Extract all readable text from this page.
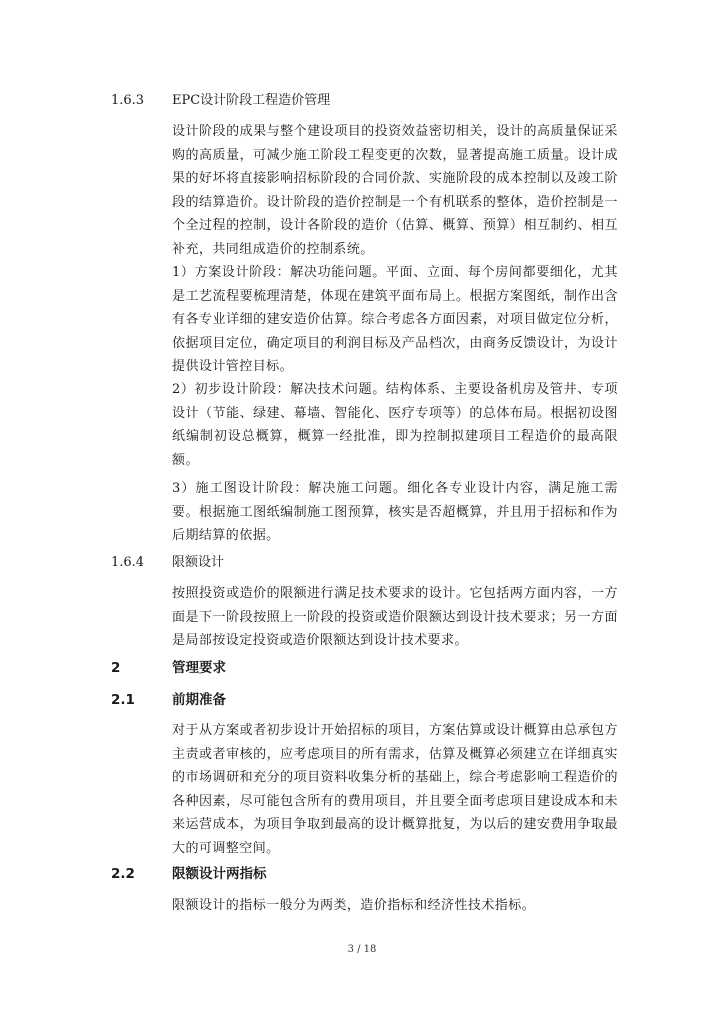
1.6.3 EPC设计阶段工程造价管理

设计阶段的成果与整个建设项目的投资效益密切相关，设计的高质量保证采购的高质量，可减少施工阶段工程变更的次数，显著提高施工质量。设计成果的好坏将直接影响招标阶段的合同价款、实施阶段的成本控制以及竣工阶段的结算造价。设计阶段的造价控制是一个有机联系的整体，造价控制是一个全过程的控制，设计各阶段的造价（估算、概算、预算）相互制约、相互补充，共同组成造价的控制系统。

1）方案设计阶段：解决功能问题。平面、立面、每个房间都要细化，尤其是工艺流程要梳理清楚，体现在建筑平面布局上。根据方案图纸，制作出含有各专业详细的建安造价估算。综合考虑各方面因素，对项目做定位分析，依据项目定位，确定项目的利润目标及产品档次，由商务反馈设计，为设计提供设计管控目标。

2）初步设计阶段：解决技术问题。结构体系、主要设备机房及管井、专项设计（节能、绿建、幕墙、智能化、医疗专项等）的总体布局。根据初设图纸编制初设总概算，概算一经批准，即为控制拟建项目工程造价的最高限额。

3）施工图设计阶段：解决施工问题。细化各专业设计内容，满足施工需要。根据施工图纸编制施工图预算，核实是否超概算，并且用于招标和作为后期结算的依据。

1.6.4 限额设计

按照投资或造价的限额进行满足技术要求的设计。它包括两方面内容，一方面是下一阶段按照上一阶段的投资或造价限额达到设计技术要求；另一方面是局部按设定投资或造价限额达到设计技术要求。

2	管理要求
2.1	前期准备

对于从方案或者初步设计开始招标的项目，方案估算或设计概算由总承包方主责或者审核的，应考虑项目的所有需求，估算及概算必须建立在详细真实的市场调研和充分的项目资料收集分析的基础上，综合考虑影响工程造价的各种因素，尽可能包含所有的费用项目，并且要全面考虑项目建设成本和未来运营成本，为项目争取到最高的设计概算批复，为以后的建安费用争取最大的可调整空间。

2.2	限额设计两指标

限额设计的指标一般分为两类，造价指标和经济性技术指标。

3 / 18
